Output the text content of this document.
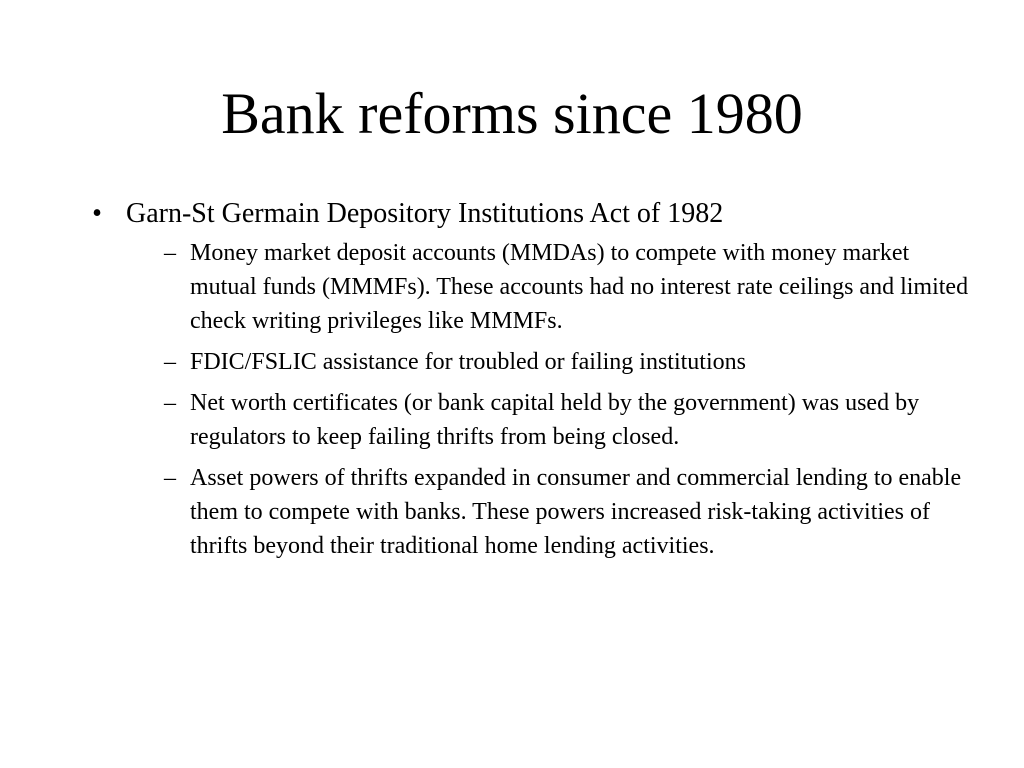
Bank reforms since 1980
• Garn-St Germain Depository Institutions Act of 1982
– Money market deposit accounts (MMDAs) to compete with money market mutual funds (MMMFs). These accounts had no interest rate ceilings and limited check writing privileges like MMMFs.
– FDIC/FSLIC assistance for troubled or failing institutions
– Net worth certificates (or bank capital held by the government) was used by regulators to keep failing thrifts from being closed.
– Asset powers of thrifts expanded in consumer and commercial lending to enable them to compete with banks. These powers increased risk-taking activities of thrifts beyond their traditional home lending activities.
